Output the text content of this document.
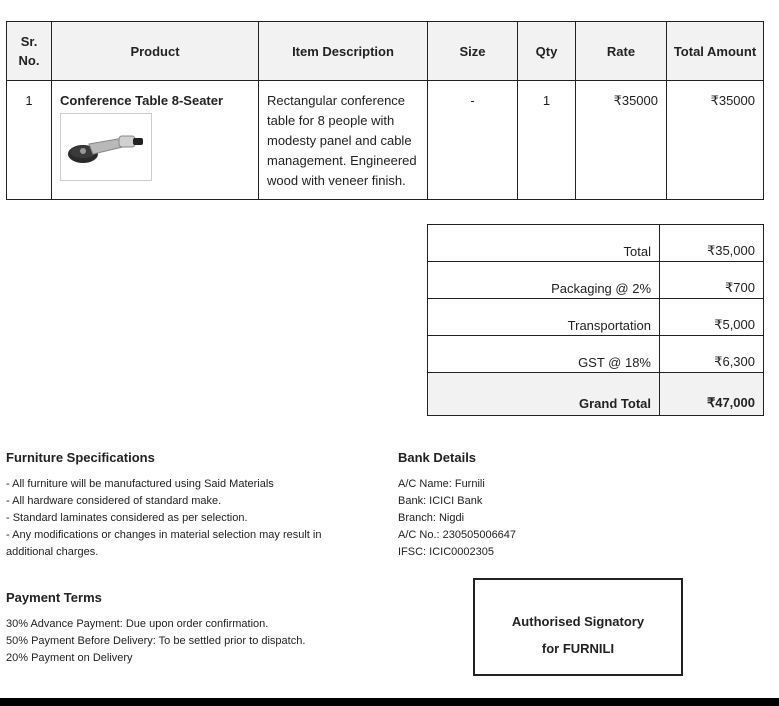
Sr. No.	Product	Item Description	Size	Qty	Rate	Total Amount
1	Conference Table 8-Seater	Rectangular conference table for 8 people with modesty panel and cable management. Engineered wood with veneer finish.	-	1	₹35000	₹35000
Total	₹35,000
Packaging @ 2%	₹700
Transportation	₹5,000
GST @ 18%	₹6,300
Grand Total	₹47,000
Furniture Specifications
- All furniture will be manufactured using Said Materials
- All hardware considered of standard make.
- Standard laminates considered as per selection.
- Any modifications or changes in material selection may result in additional charges.
Bank Details
A/C Name: Furnili
Bank: ICICI Bank
Branch: Nigdi
A/C No.: 230505006647
IFSC: ICIC0002305
Payment Terms
30% Advance Payment: Due upon order confirmation.
50% Payment Before Delivery: To be settled prior to dispatch.
20% Payment on Delivery
Authorised Signatory
for FURNILI
